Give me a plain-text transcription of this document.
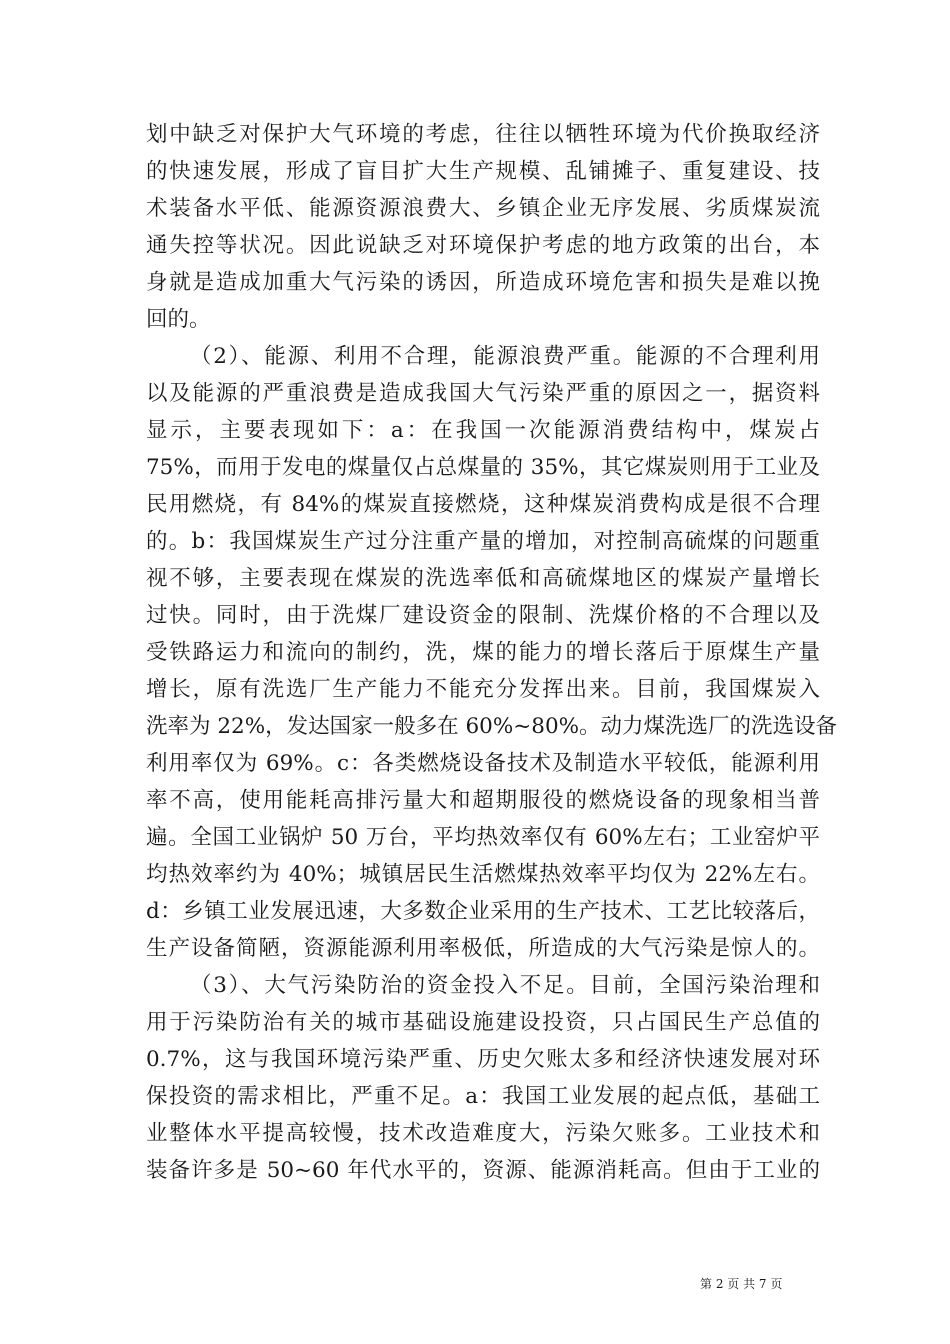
划中缺乏对保护大气环境的考虑，往往以牺牲环境为代价换取经济
的快速发展，形成了盲目扩大生产规模、乱铺摊子、重复建设、技
术装备水平低、能源资源浪费大、乡镇企业无序发展、劣质煤炭流
通失控等状况。因此说缺乏对环境保护考虑的地方政策的出台，本
身就是造成加重大气污染的诱因，所造成环境危害和损失是难以挽
回的。
（2）、能源、利用不合理，能源浪费严重。能源的不合理利用
以及能源的严重浪费是造成我国大气污染严重的原因之一，据资料
显示，主要表现如下：a：在我国一次能源消费结构中，煤炭占
75%，而用于发电的煤量仅占总煤量的 35%，其它煤炭则用于工业及
民用燃烧，有 84%的煤炭直接燃烧，这种煤炭消费构成是很不合理
的。b：我国煤炭生产过分注重产量的增加，对控制高硫煤的问题重
视不够，主要表现在煤炭的洗选率低和高硫煤地区的煤炭产量增长
过快。同时，由于洗煤厂建设资金的限制、洗煤价格的不合理以及
受铁路运力和流向的制约，洗，煤的能力的增长落后于原煤生产量
增长，原有洗选厂生产能力不能充分发挥出来。目前，我国煤炭入
洗率为 22%，发达国家一般多在 60%~80%。动力煤洗选厂的洗选设备
利用率仅为 69%。c：各类燃烧设备技术及制造水平较低，能源利用
率不高，使用能耗高排污量大和超期服役的燃烧设备的现象相当普
遍。全国工业锅炉 50 万台，平均热效率仅有 60%左右；工业窑炉平
均热效率约为 40%；城镇居民生活燃煤热效率平均仅为 22%左右。
d：乡镇工业发展迅速，大多数企业采用的生产技术、工艺比较落后，
生产设备简陋，资源能源利用率极低，所造成的大气污染是惊人的。
（3）、大气污染防治的资金投入不足。目前，全国污染治理和
用于污染防治有关的城市基础设施建设投资，只占国民生产总值的
0.7%，这与我国环境污染严重、历史欠账太多和经济快速发展对环
保投资的需求相比，严重不足。a：我国工业发展的起点低，基础工
业整体水平提高较慢，技术改造难度大，污染欠账多。工业技术和
装备许多是 50~60 年代水平的，资源、能源消耗高。但由于工业的
第 2 页 共 7 页
